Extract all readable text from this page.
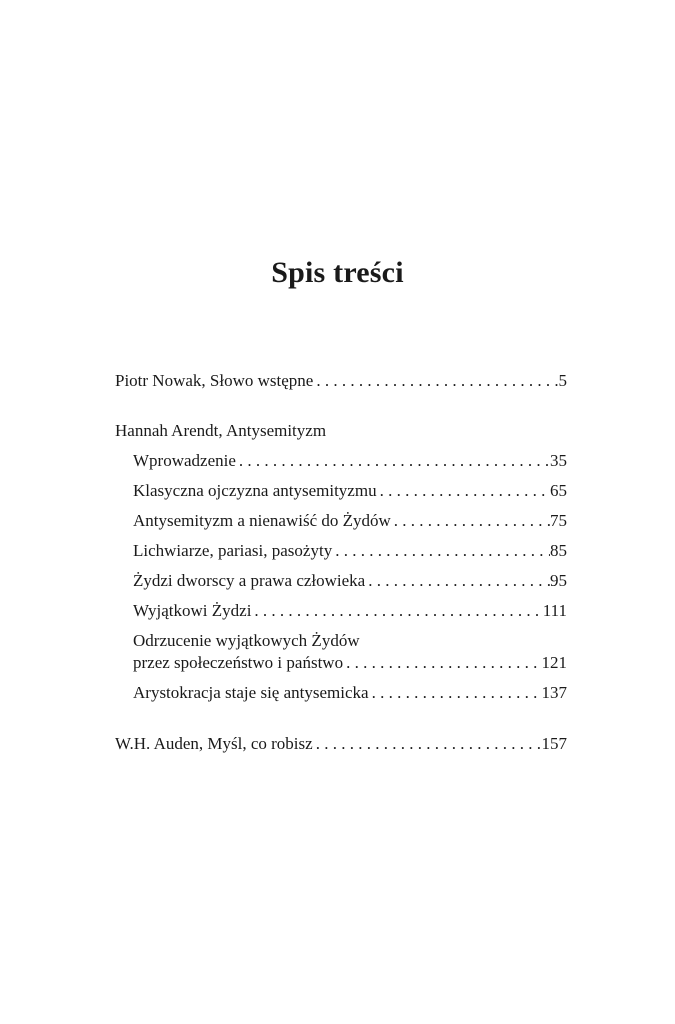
Spis treści
Piotr Nowak, Słowo wstępne . . .	5
Hannah Arendt, Antysemityzm
Wprowadzenie . . .	35
Klasyczna ojczyzna antysemityzmu . . .	65
Antysemityzm a nienawiść do Żydów . . .	75
Lichwiarze, pariasi, pasożyty . . .	85
Żydzi dworscy a prawa człowieka . . .	95
Wyjątkowi Żydzi . . .	111
Odrzucenie wyjątkowych Żydów
przez społeczeństwo i państwo . . .	121
Arystokracja staje się antysemicka . . .	137
W.H. Auden, Myśl, co robisz . . .	157
